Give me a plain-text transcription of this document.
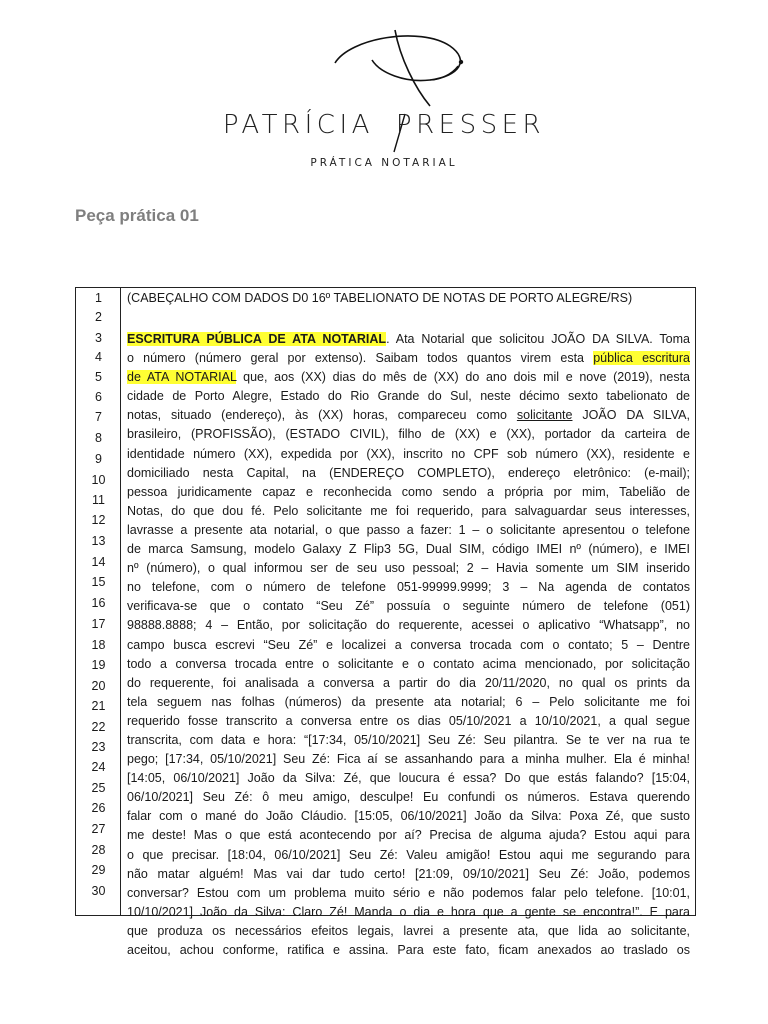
PATRÍCIA PRESSER
PRÁTICA NOTARIAL
Peça prática 01
1
2
3
4
5
6
7
8
9
10
11
12
13
14
15
16
17
18
19
20
21
22
23
24
25
26
27
28
29
30
(CABEÇALHO COM DADOS D0 16º TABELIONATO DE NOTAS DE PORTO ALEGRE/RS)
ESCRITURA PÚBLICA DE ATA NOTARIAL. Ata Notarial que solicitou JOÃO DA SILVA. Toma
o número (número geral por extenso). Saibam todos quantos virem esta pública escritura
de ATA NOTARIAL que, aos (XX) dias do mês de (XX) do ano dois mil e nove (2019), nesta
cidade de Porto Alegre, Estado do Rio Grande do Sul, neste décimo sexto tabelionato de
notas, situado (endereço), às (XX) horas, compareceu como solicitante JOÃO DA SILVA,
brasileiro, (PROFISSÃO), (ESTADO CIVIL), filho de (XX) e (XX), portador da carteira de
identidade número (XX), expedida por (XX), inscrito no CPF sob número (XX), residente e
domiciliado nesta Capital, na (ENDEREÇO COMPLETO), endereço eletrônico: (e-mail);
pessoa juridicamente capaz e reconhecida como sendo a própria por mim, Tabelião de
Notas, do que dou fé. Pelo solicitante me foi requerido, para salvaguardar seus interesses,
lavrasse a presente ata notarial, o que passo a fazer: 1 – o solicitante apresentou o telefone
de marca Samsung, modelo Galaxy Z Flip3 5G, Dual SIM, código IMEI nº (número), e IMEI
nº (número), o qual informou ser de seu uso pessoal; 2 – Havia somente um SIM inserido
no telefone, com o número de telefone 051-99999.9999; 3 – Na agenda de contatos
verificava-se que o contato “Seu Zé” possuía o seguinte número de telefone (051)
98888.8888; 4 – Então, por solicitação do requerente, acessei o aplicativo “Whatsapp”, no
campo busca escrevi “Seu Zé” e localizei a conversa trocada com o contato; 5 – Dentre
todo a conversa trocada entre o solicitante e o contato acima mencionado, por solicitação
do requerente, foi analisada a conversa a partir do dia 20/11/2020, no qual os prints da
tela seguem nas folhas (números) da presente ata notarial; 6 – Pelo solicitante me foi
requerido fosse transcrito a conversa entre os dias 05/10/2021 a 10/10/2021, a qual segue
transcrita, com data e hora: “[17:34, 05/10/2021] Seu Zé: Seu pilantra. Se te ver na rua te
pego; [17:34, 05/10/2021] Seu Zé: Fica aí se assanhando para a minha mulher. Ela é minha!
[14:05, 06/10/2021] João da Silva: Zé, que loucura é essa? Do que estás falando? [15:04,
06/10/2021] Seu Zé: ô meu amigo, desculpe! Eu confundi os números. Estava querendo
falar com o mané do João Cláudio. [15:05, 06/10/2021] João da Silva: Poxa Zé, que susto
me deste! Mas o que está acontecendo por aí? Precisa de alguma ajuda? Estou aqui para
o que precisar. [18:04, 06/10/2021] Seu Zé: Valeu amigão! Estou aqui me segurando para
não matar alguém! Mas vai dar tudo certo! [21:09, 09/10/2021] Seu Zé: João, podemos
conversar? Estou com um problema muito sério e não podemos falar pelo telefone. [10:01,
10/10/2021] João da Silva: Claro Zé! Manda o dia e hora que a gente se encontra!”. E para
que produza os necessários efeitos legais, lavrei a presente ata, que lida ao solicitante,
aceitou, achou conforme, ratifica e assina. Para este fato, ficam anexados ao traslado os
